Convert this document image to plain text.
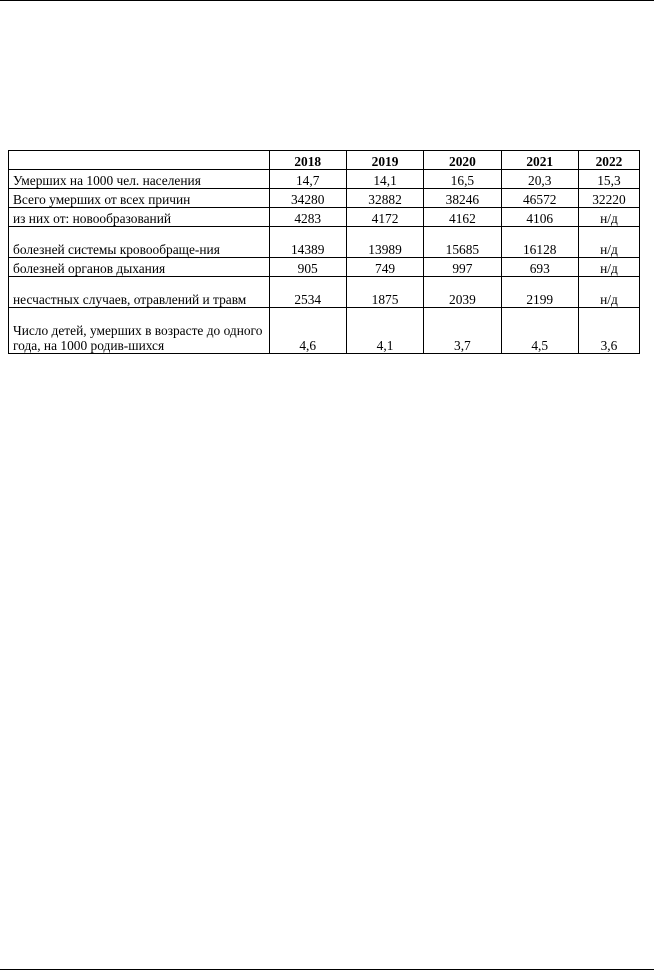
	2018	2019	2020	2021	2022
Умерших на 1000 чел. населения	14,7	14,1	16,5	20,3	15,3
Всего умерших от всех причин	34280	32882	38246	46572	32220
из них от: новообразований	4283	4172	4162	4106	н/д
болезней системы кровообраще-ния	14389	13989	15685	16128	н/д
болезней органов дыхания	905	749	997	693	н/д
несчастных случаев, отравлений и травм	2534	1875	2039	2199	н/д
Число детей, умерших в возрасте до одного года, на 1000 родив-шихся	4,6	4,1	3,7	4,5	3,6
